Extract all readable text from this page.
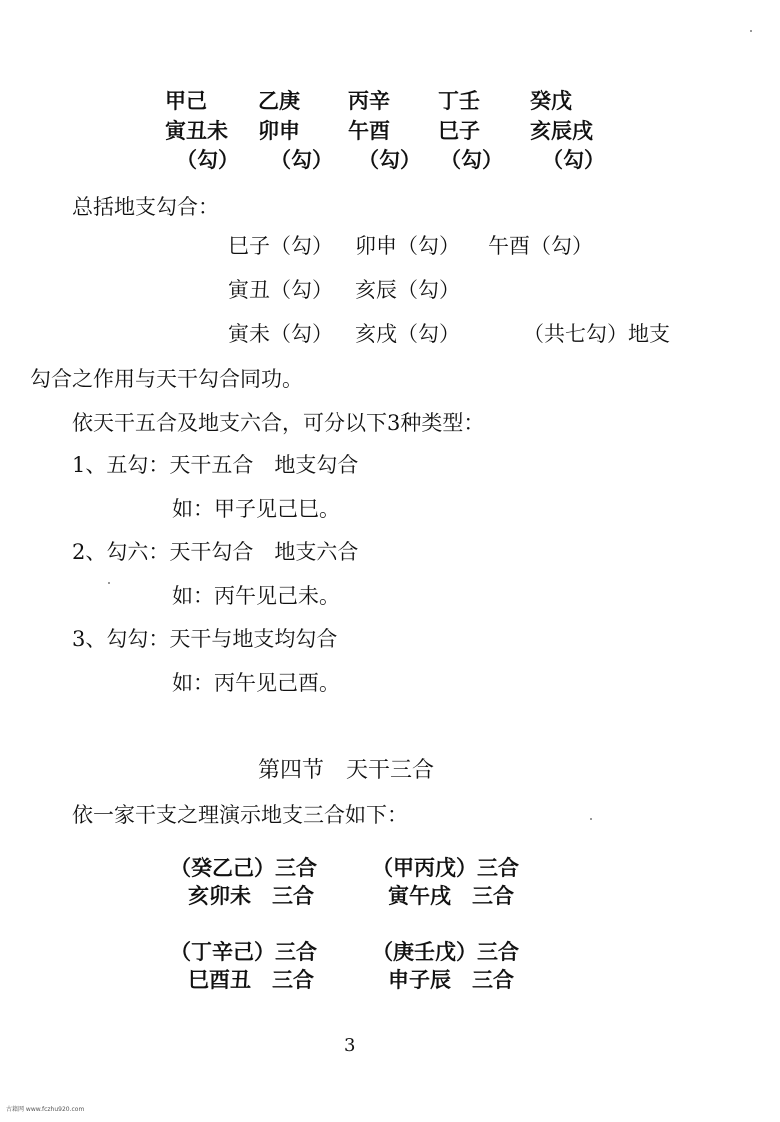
甲己 乙庚 丙辛 丁壬 癸戊
寅丑未 卯申 午酉 巳子 亥辰戌
（勾） （勾） （勾） （勾） （勾）
总括地支勾合：
巳子（勾） 卯申（勾） 午酉（勾）
寅丑（勾） 亥辰（勾）
寅未（勾） 亥戌（勾）	（共七勾）地支
勾合之作用与天干勾合同功。
依天干五合及地支六合，可分以下3种类型：
1、五勾：天干五合　地支勾合
如：甲子见己巳。
2、勾六：天干勾合　地支六合
如：丙午见己未。
3、勾勾：天干与地支均勾合
如：丙午见己酉。
第四节　天干三合
依一家干支之理演示地支三合如下：
（癸乙己）三合
亥卯未　三合
（甲丙戊）三合
寅午戌　三合
（丁辛己）三合
巳酉丑　三合
（庚壬戊）三合
申子辰　三合
3
古籍网 www.fczhu920.com
